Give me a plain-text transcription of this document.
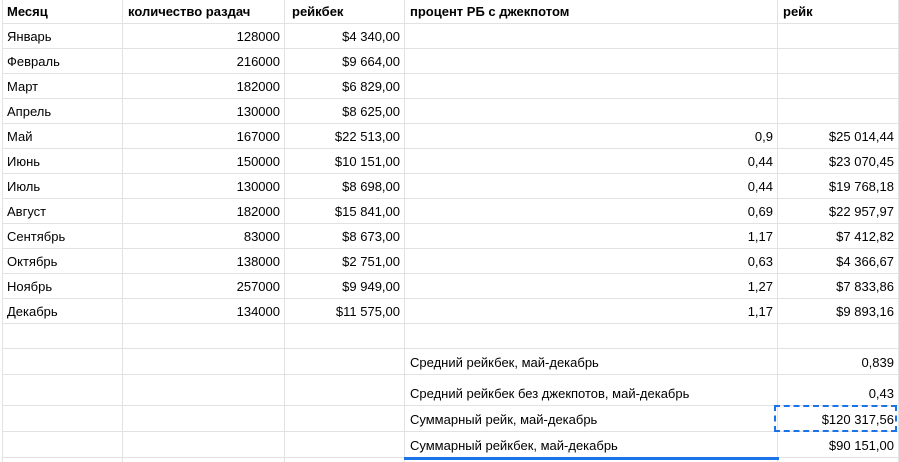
Месяц	количество раздач	рейкбек	процент РБ с джекпотом	рейк
Январь	128000	$4 340,00
Февраль	216000	$9 664,00
Март	182000	$6 829,00
Апрель	130000	$8 625,00
Май	167000	$22 513,00	0,9	$25 014,44
Июнь	150000	$10 151,00	0,44	$23 070,45
Июль	130000	$8 698,00	0,44	$19 768,18
Август	182000	$15 841,00	0,69	$22 957,97
Сентябрь	83000	$8 673,00	1,17	$7 412,82
Октябрь	138000	$2 751,00	0,63	$4 366,67
Ноябрь	257000	$9 949,00	1,27	$7 833,86
Декабрь	134000	$11 575,00	1,17	$9 893,16
Средний рейкбек, май-декабрь	0,839
Средний рейкбек без джекпотов, май-декабрь	0,43
Суммарный рейк, май-декабрь	$120 317,56
Суммарный рейкбек, май-декабрь	$90 151,00
